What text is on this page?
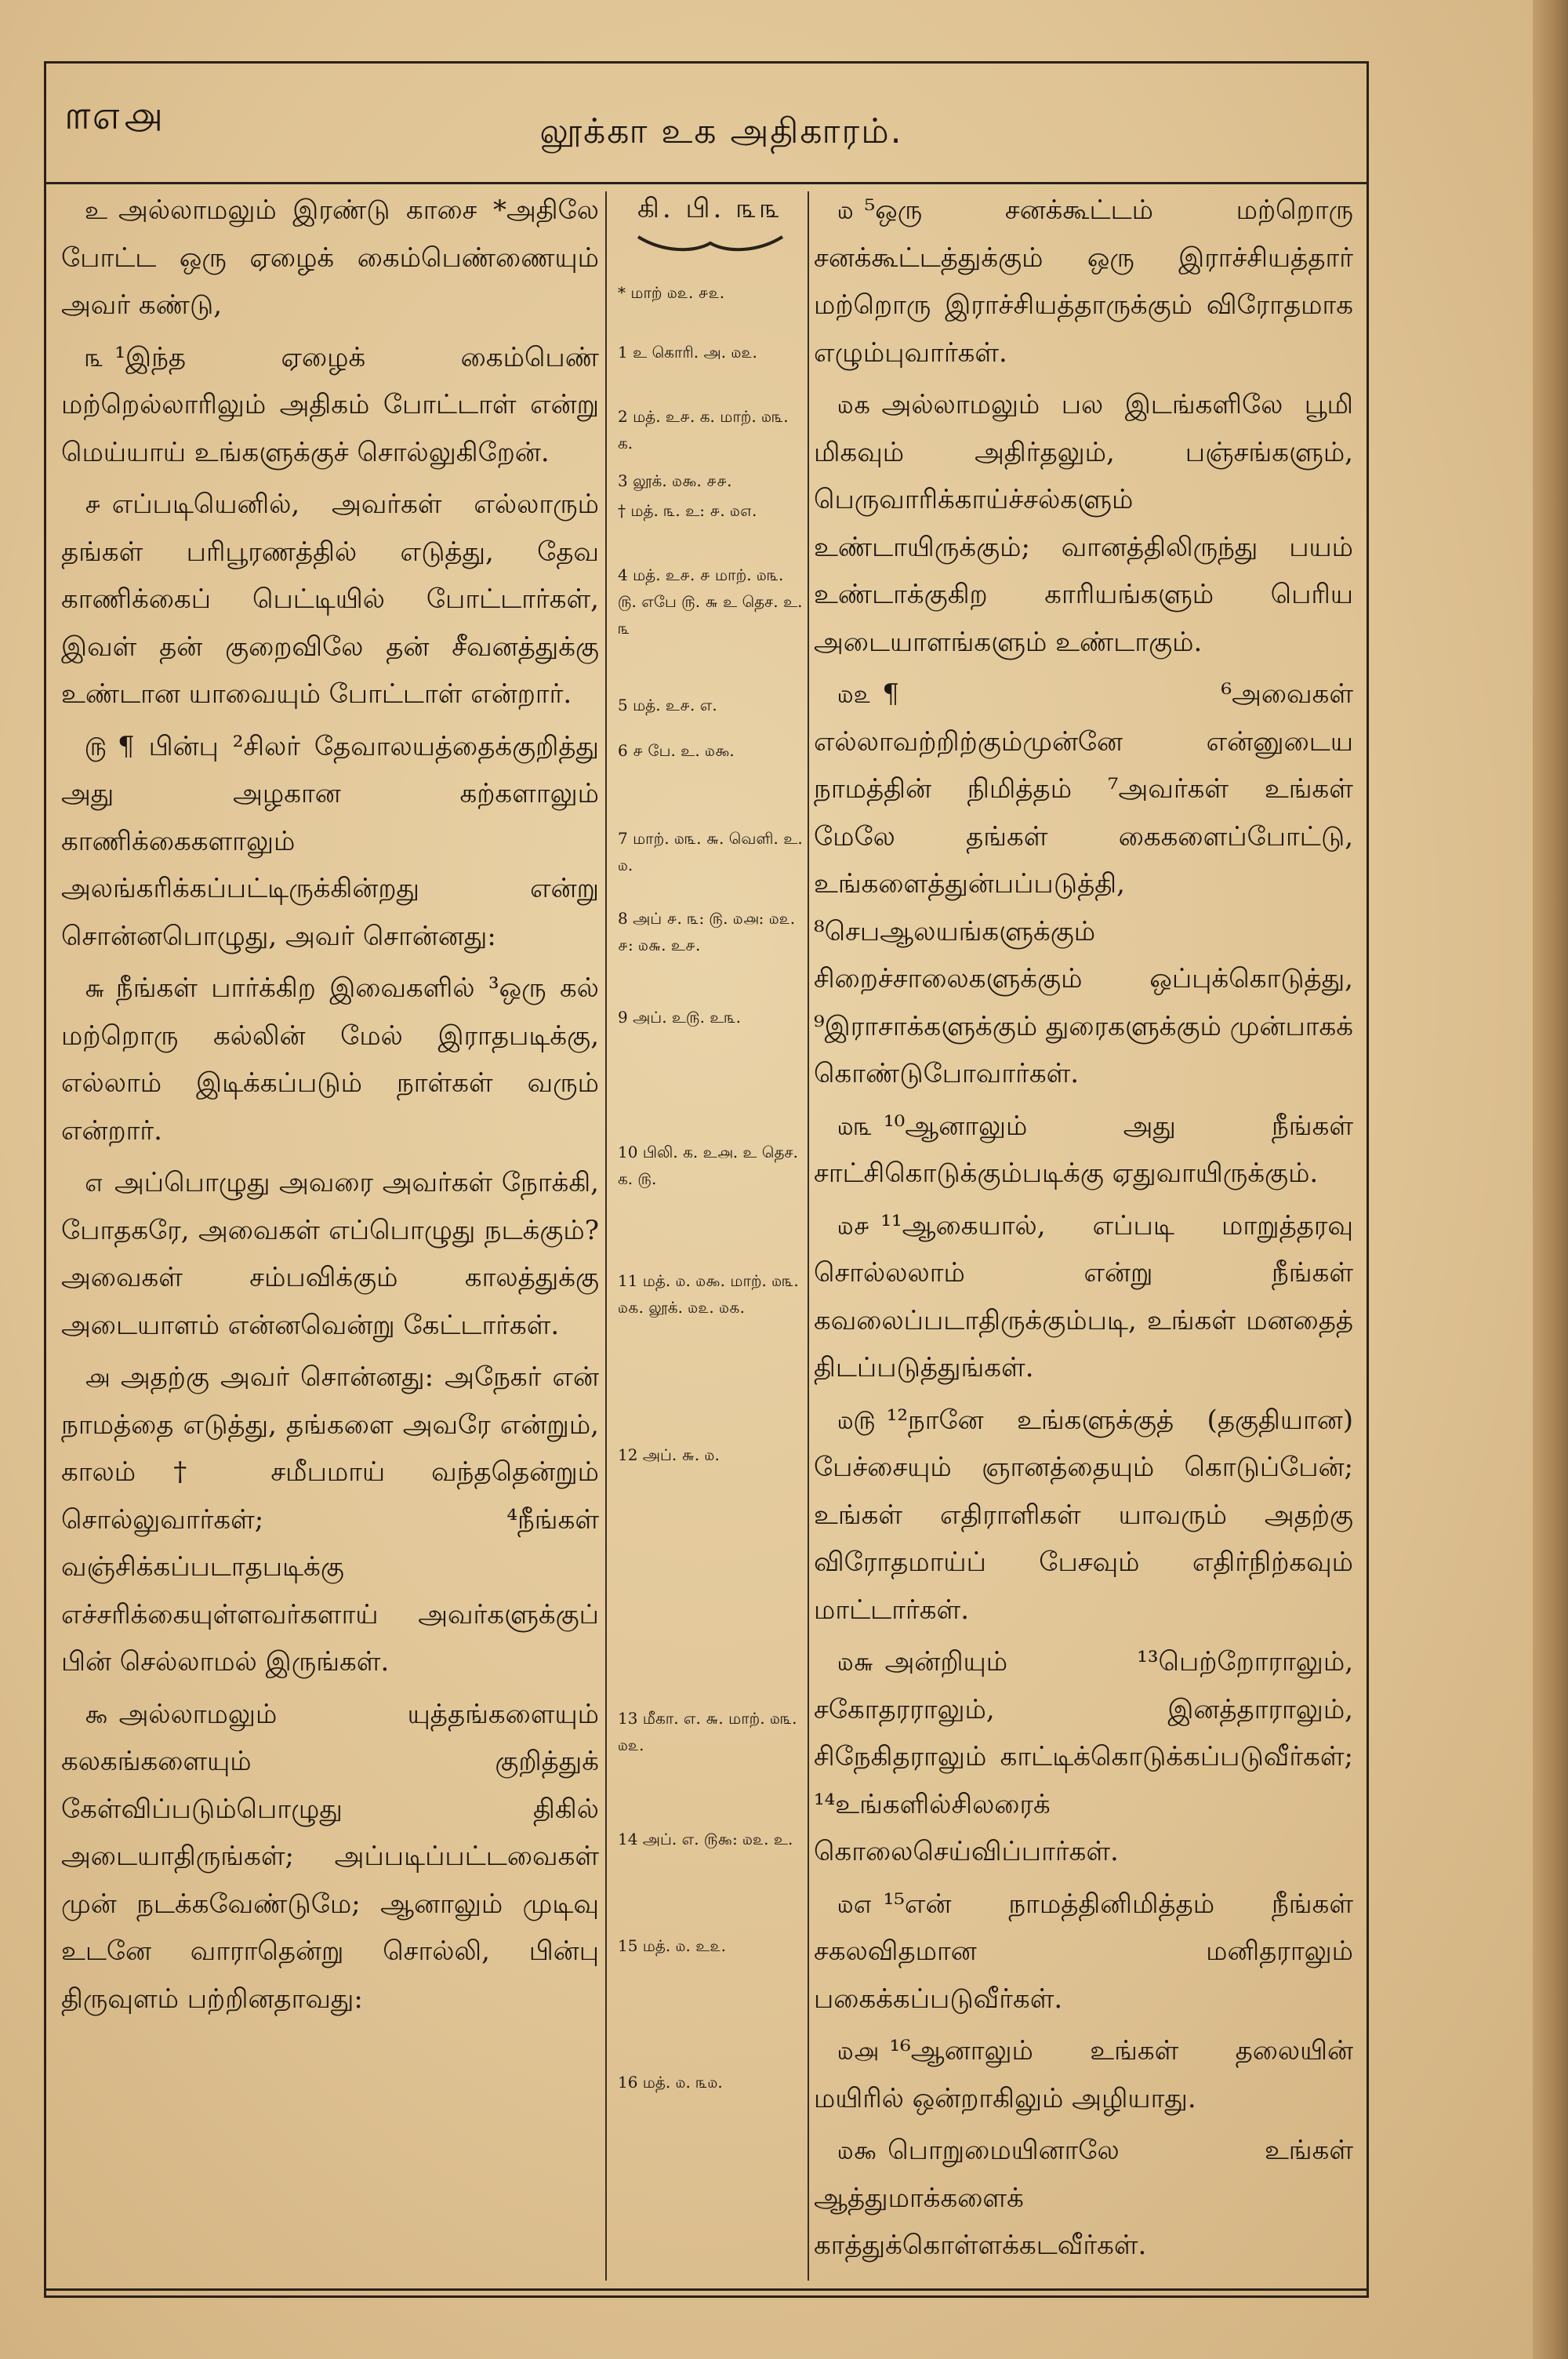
௱௭௮	லூக்கா உக அதிகாரம்.

உ அல்லாமலும் இரண்டு காசை *அதிலே போட்ட ஒரு ஏழைக் கைம்பெண்ணையும் அவர் கண்டு,

௩ ¹இந்த ஏழைக் கைம்பெண் மற்றெல்லாரிலும் அதிகம் போட்டாள் என்று மெய்யாய் உங்களுக்குச் சொல்லுகிறேன்.

௪ எப்படியெனில், அவர்கள் எல்லாரும் தங்கள் பரிபூரணத்தில் எடுத்து, தேவ காணிக்கைப் பெட்டியில் போட்டார்கள், இவள் தன் குறைவிலே தன் சீவனத்துக்கு உண்டான யாவையும் போட்டாள் என்றார்.

௫ ¶ பின்பு ²சிலர் தேவாலயத்தைக்குறித்து அது அழகான கற்களாலும் காணிக்கைகளாலும் அலங்கரிக்கப்பட்டிருக்கின்றது என்று சொன்னபொழுது, அவர் சொன்னது:

௬ நீங்கள் பார்க்கிற இவைகளில் ³ஒரு கல் மற்றொரு கல்லின் மேல் இராதபடிக்கு, எல்லாம் இடிக்கப்படும் நாள்கள் வரும் என்றார்.

௭ அப்பொழுது அவரை அவர்கள் நோக்கி, போதகரே, அவைகள் எப்பொழுது நடக்கும்? அவைகள் சம்பவிக்கும் காலத்துக்கு அடையாளம் என்னவென்று கேட்டார்கள்.

௮ அதற்கு அவர் சொன்னது: அநேகர் என் நாமத்தை எடுத்து, தங்களை அவரே என்றும், காலம்† சமீபமாய் வந்ததென்றும் சொல்லுவார்கள்; ⁴நீங்கள் வஞ்சிக்கப்படாதபடிக்கு எச்சரிக்கையுள்ளவர்களாய் அவர்களுக்குப் பின் செல்லாமல் இருங்கள்.

௯ அல்லாமலும் யுத்தங்களையும் கலகங்களையும் குறித்துக் கேள்விப்படும்பொழுது திகில் அடையாதிருங்கள்; அப்படிப்பட்டவைகள் முன் நடக்கவேண்டுமே; ஆனாலும் முடிவு உடனே வாராதென்று சொல்லி, பின்பு திருவுளம் பற்றினதாவது:

கி. பி. ௩௩
* மாற் ௰௨. ௪௨.
1 உ கொரி. அ. ௰௨.
2 மத். உ௪. க. மாற். ௰௩. க.
3 லூக். ௰௯. ௪௪.
† மத். ௩. உ: ௪. ௰௭.
4 மத். உ௪. ௪ மாற். ௰௩. ௫. எபே ௫. ௬ உ தெச. உ. ௩
5 மத். உ௪. எ.
6 ௪ பே. உ. ௰௯.
7 மாற். ௰௩. ௬. வெளி. உ. ௰.
8 அப் ௪. ௩: ௫. ௰௮: ௰௨. ௪: ௰௬. உ௪.
9 அப். உ௫. உ௩.
10 பிலி. க. உ௮. உ தெச. க. ௫.
11 மத். ௰. ௰௯. மாற். ௰௩. ௰௧. லூக். ௰௨. ௰௧.
12 அப். ௬. ௰.
13 மீகா. எ. ௬. மாற். ௰௩. ௰௨.
14 அப். எ. ௫௯: ௰௨. உ.
15 மத். ௰. உ௨.
16 மத். ௰. ௩௰.

௰ ⁵ஒரு சனக்கூட்டம் மற்றொரு சனக்கூட்டத்துக்கும் ஒரு இராச்சியத்தார் மற்றொரு இராச்சியத்தாருக்கும் விரோதமாக எழும்புவார்கள்.

௰௧ அல்லாமலும் பல இடங்களிலே பூமி மிகவும் அதிர்தலும், பஞ்சங்களும், பெருவாரிக்காய்ச்சல்களும் உண்டாயிருக்கும்; வானத்திலிருந்து பயம் உண்டாக்குகிற காரியங்களும் பெரிய அடையாளங்களும் உண்டாகும்.

௰௨ ¶ ⁶அவைகள் எல்லாவற்றிற்கும்முன்னே என்னுடைய நாமத்தின் நிமித்தம் ⁷அவர்கள் உங்கள் மேலே தங்கள் கைகளைப்போட்டு, உங்களைத்துன்பப்படுத்தி, ⁸செபஆலயங்களுக்கும் சிறைச்சாலைகளுக்கும் ஒப்புக்கொடுத்து, ⁹இராசாக்களுக்கும் துரைகளுக்கும் முன்பாகக் கொண்டுபோவார்கள்.

௰௩ ¹⁰ஆனாலும் அது நீங்கள் சாட்சிகொடுக்கும்படிக்கு ஏதுவாயிருக்கும்.

௰௪ ¹¹ஆகையால், எப்படி மாறுத்தரவு சொல்லலாம் என்று நீங்கள் கவலைப்படாதிருக்கும்படி, உங்கள் மனதைத் திடப்படுத்துங்கள்.

௰௫ ¹²நானே உங்களுக்குத் (தகுதியான) பேச்சையும் ஞானத்தையும் கொடுப்பேன்; உங்கள் எதிராளிகள் யாவரும் அதற்கு விரோதமாய்ப் பேசவும் எதிர்நிற்கவும் மாட்டார்கள்.

௰௬ அன்றியும் ¹³பெற்றோராலும், சகோதரராலும், இனத்தாராலும், சிநேகிதராலும் காட்டிக்கொடுக்கப்படுவீர்கள்; ¹⁴உங்களில்சிலரைக் கொலைசெய்விப்பார்கள்.

௰௭ ¹⁵என் நாமத்தினிமித்தம் நீங்கள் சகலவிதமான மனிதராலும் பகைக்கப்படுவீர்கள்.

௰௮ ¹⁶ஆனாலும் உங்கள் தலையின் மயிரில் ஒன்றாகிலும் அழியாது.

௰௯ பொறுமையினாலே உங்கள் ஆத்துமாக்களைக் காத்துக்கொள்ளக்கடவீர்கள்.
